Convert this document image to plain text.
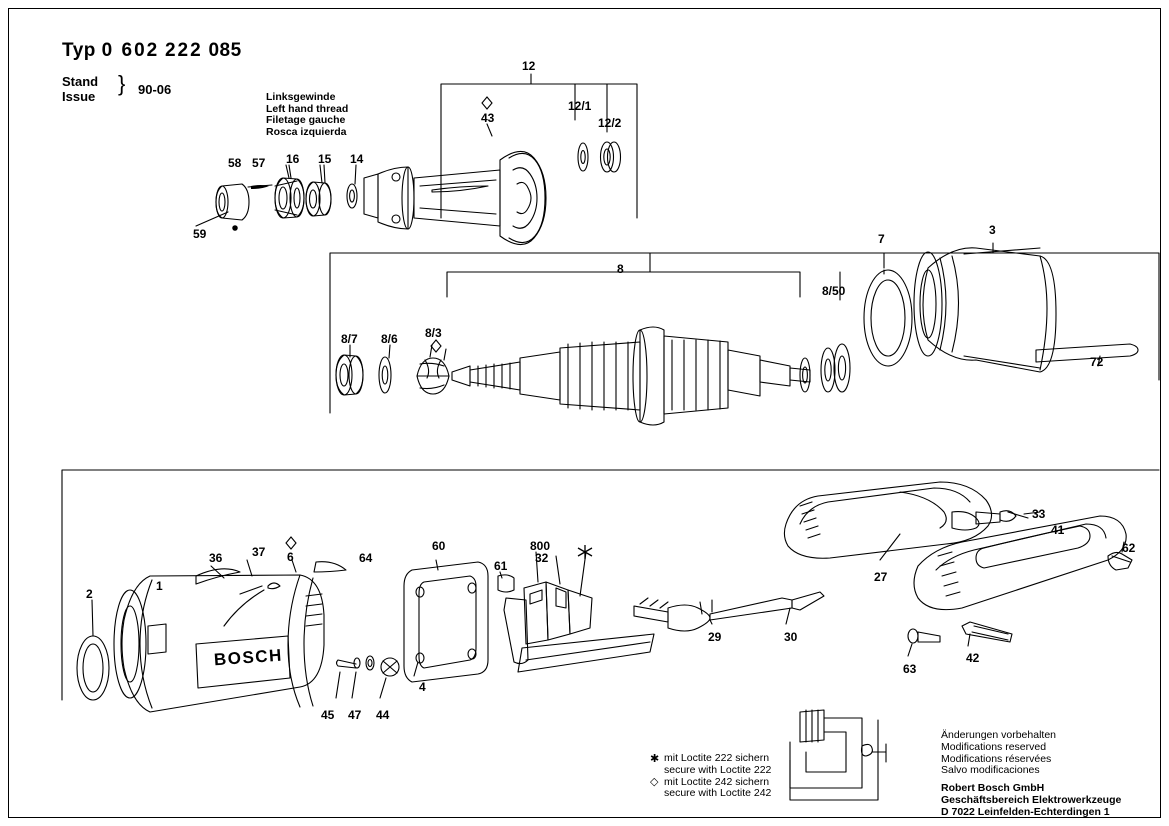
Typ 0 602 222 085
Stand
Issue
} 90-06	Linksgewinde
Left hand thread
Filetage gauche
Rosca izquierda
12
12/1
12/2
43
58 57 16 15 14
59
8
8/50
7
3
72
8/7 8/6 8/3
36 37 6	64
1
2
60
61
800
32
4
45 47 44
29	30
33
41
27
62
63
42
BOSCH
✱ mit Loctite 222 sichern
secure with Loctite 222
◇ mit Loctite 242 sichern
secure with Loctite 242
Änderungen vorbehalten
Modifications reserved
Modifications réservées
Salvo modificaciones
Robert Bosch GmbH
Geschäftsbereich Elektrowerkzeuge
D 7022 Leinfelden-Echterdingen 1
